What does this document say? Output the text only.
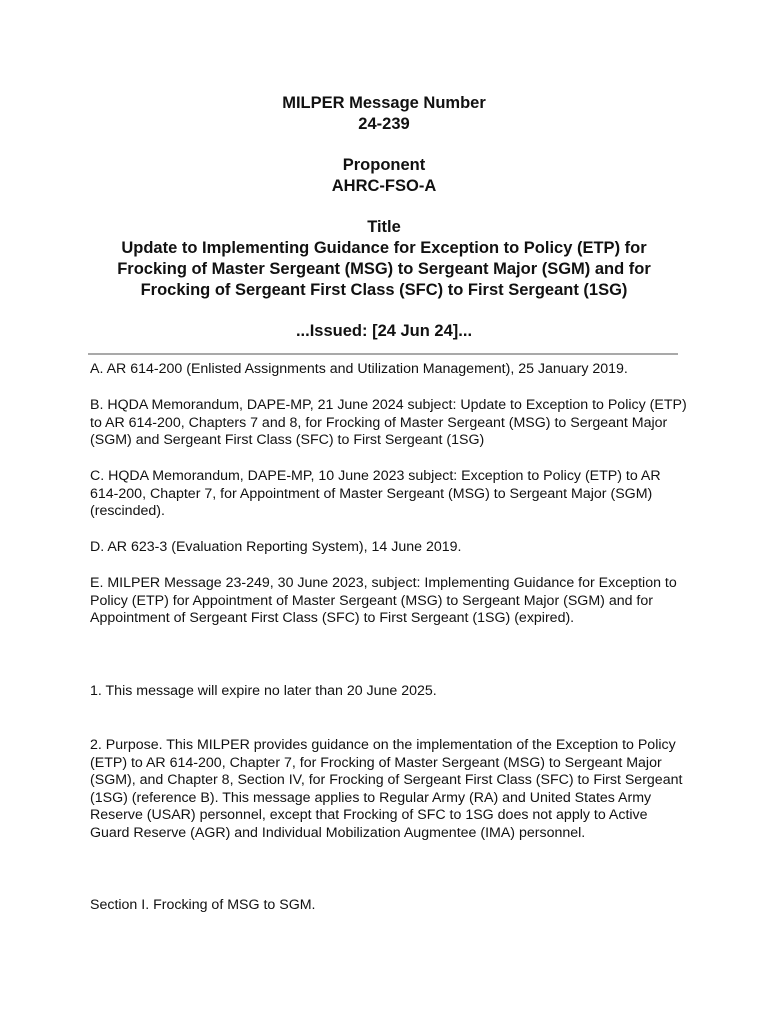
MILPER Message Number
24-239
Proponent
AHRC-FSO-A
Title
Update to Implementing Guidance for Exception to Policy (ETP) for
Frocking of Master Sergeant (MSG) to Sergeant Major (SGM) and for
Frocking of Sergeant First Class (SFC) to First Sergeant (1SG)
...Issued: [24 Jun 24]...

A. AR 614-200 (Enlisted Assignments and Utilization Management), 25 January 2019.

B. HQDA Memorandum, DAPE-MP, 21 June 2024 subject: Update to Exception to Policy (ETP) to AR 614-200, Chapters 7 and 8, for Frocking of Master Sergeant (MSG) to Sergeant Major (SGM) and Sergeant First Class (SFC) to First Sergeant (1SG)

C. HQDA Memorandum, DAPE-MP, 10 June 2023 subject: Exception to Policy (ETP) to AR 614-200, Chapter 7, for Appointment of Master Sergeant (MSG) to Sergeant Major (SGM) (rescinded).

D. AR 623-3 (Evaluation Reporting System), 14 June 2019.

E. MILPER Message 23-249, 30 June 2023, subject: Implementing Guidance for Exception to Policy (ETP) for Appointment of Master Sergeant (MSG) to Sergeant Major (SGM) and for Appointment of Sergeant First Class (SFC) to First Sergeant (1SG) (expired).

1. This message will expire no later than 20 June 2025.

2. Purpose. This MILPER provides guidance on the implementation of the Exception to Policy (ETP) to AR 614-200, Chapter 7, for Frocking of Master Sergeant (MSG) to Sergeant Major (SGM), and Chapter 8, Section IV, for Frocking of Sergeant First Class (SFC) to First Sergeant (1SG) (reference B). This message applies to Regular Army (RA) and United States Army Reserve (USAR) personnel, except that Frocking of SFC to 1SG does not apply to Active Guard Reserve (AGR) and Individual Mobilization Augmentee (IMA) personnel.

Section I. Frocking of MSG to SGM.
